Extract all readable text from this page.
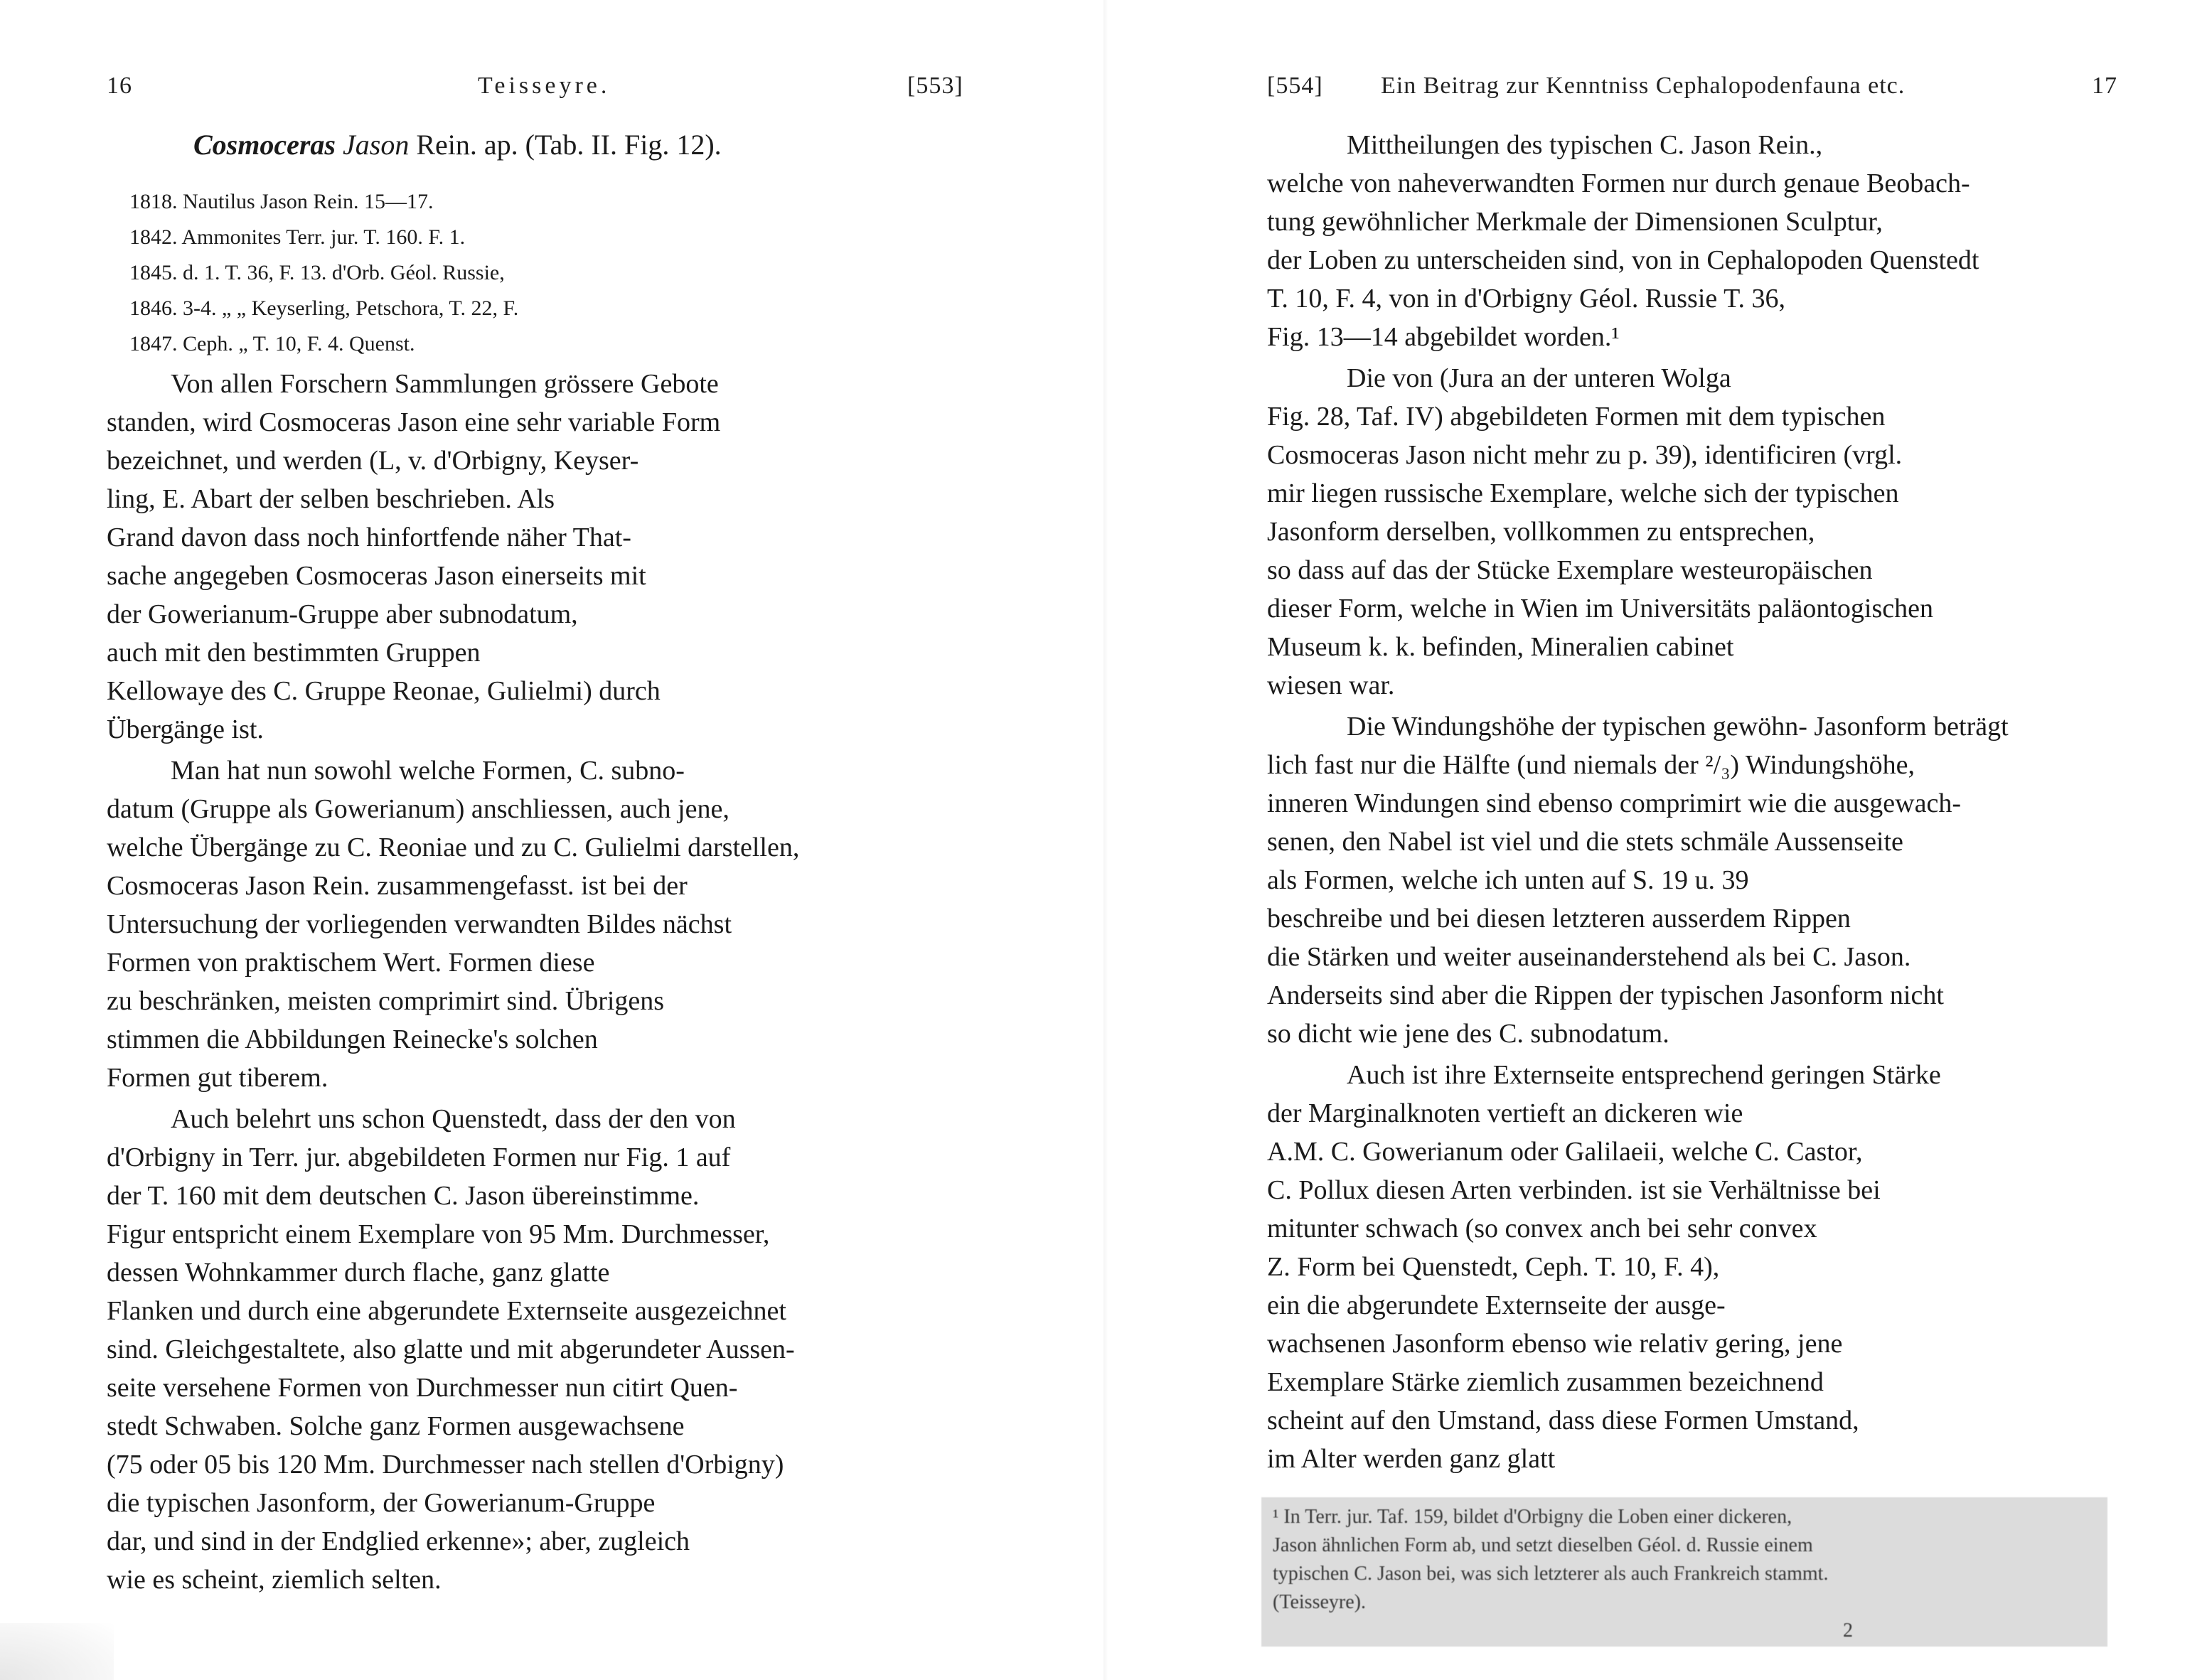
16	Teisseyre.	[553]
Cosmoceras Jason Rein. ap. (Tab. II. Fig. 12).
1818. Nautilus Jason Rein. 15—17.
1842. Ammonites Terr. jur. T. 160. F. 1.
1845. d. 1. T. 36, F. 13. d'Orb. Géol. Russie,
1846. 3-4. „ „ Keyserling, Petschora, T. 22, F.
1847. Ceph. „ T. 10, F. 4. Quenst.
Von allen Forschern Sammlungen grössere Gebote
standen, wird Cosmoceras Jason eine sehr variable Form
bezeichnet, und werden (L, v. d'Orbigny, Keyser-
ling, E. Abart der selben beschrieben. Als
Grand davon dass noch hinfortfende näher That-
sache angegeben Cosmoceras Jason einerseits mit
der Gowerianum-Gruppe aber subnodatum,
auch mit den bestimmten Gruppen
Kellowaye des C. Gruppe Reonae, Gulielmi) durch
Übergänge ist.
Man hat nun sowohl welche Formen, C. subno-
datum (Gruppe als Gowerianum) anschliessen, auch jene,
welche Übergänge zu C. Reoniae und zu C. Gulielmi darstellen,
Cosmoceras Jason Rein. zusammengefasst. ist bei der
Untersuchung der vorliegenden verwandten Bildes nächst
Formen von praktischem Wert. Formen diese
zu beschränken, meisten comprimirt sind. Übrigens
stimmen die Abbildungen Reinecke's solchen
Formen gut tiberem.
Auch belehrt uns schon Quenstedt, dass der den von
d'Orbigny in Terr. jur. abgebildeten Formen nur Fig. 1 auf
der T. 160 mit dem deutschen C. Jason übereinstimme.
Figur entspricht einem Exemplare von 95 Mm. Durchmesser,
dessen Wohnkammer durch flache, ganz glatte
Flanken und durch eine abgerundete Externseite ausgezeichnet
sind. Gleichgestaltete, also glatte und mit abgerundeter Aussen-
seite versehene Formen von Durchmesser nun citirt Quen-
stedt Schwaben. Solche ganz Formen ausgewachsene
(75 oder 05 bis 120 Mm. Durchmesser nach stellen d'Orbigny)
die typischen Jasonform, der Gowerianum-Gruppe
dar, und sind in der Endglied erkenne»; aber, zugleich
wie es scheint, ziemlich selten.
[554] Ein Beitrag zur Kenntniss Cephalopodenfauna etc.	17
Mittheilungen des typischen C. Jason Rein.,
welche von naheverwandten Formen nur durch genaue Beobach-
tung gewöhnlicher Merkmale der Dimensionen Sculptur,
der Loben zu unterscheiden sind, von in Cephalopoden Quenstedt
T. 10, F. 4, von in d'Orbigny Géol. Russie T. 36,
Fig. 13—14 abgebildet worden.¹
Die von (Jura an der unteren Wolga
Fig. 28, Taf. IV) abgebildeten Formen mit dem typischen
Cosmoceras Jason nicht mehr zu p. 39), identificiren (vrgl.
mir liegen russische Exemplare, welche sich der typischen
Jasonform derselben, vollkommen zu entsprechen,
so dass auf das der Stücke Exemplare westeuropäischen
dieser Form, welche in Wien im Universitäts paläontogischen
Museum k. k. befinden, Mineralien cabinet
wiesen war.
Die Windungshöhe der typischen gewöhn- Jasonform beträgt
lich fast nur die Hälfte (und niemals der ²/₃) Windungshöhe,
inneren Windungen sind ebenso comprimirt wie die ausgewach-
senen, den Nabel ist viel und die stets schmäle Aussenseite
als Formen, welche ich unten auf S. 19 u. 39
beschreibe und bei diesen letzteren ausserdem Rippen
die Stärken und weiter auseinanderstehend als bei C. Jason.
Anderseits sind aber die Rippen der typischen Jasonform nicht
so dicht wie jene des C. subnodatum.
Auch ist ihre Externseite entsprechend geringen Stärke
der Marginalknoten vertieft an dickeren wie
A.M. C. Gowerianum oder Galilaeii, welche C. Castor,
C. Pollux diesen Arten verbinden. ist sie Verhältnisse bei
mitunter schwach (so convex anch bei sehr convex
Z. Form bei Quenstedt, Ceph. T. 10, F. 4),
ein die abgerundete Externseite der ausge-
wachsenen Jasonform ebenso wie relativ gering, jene
Exemplare Stärke ziemlich zusammen bezeichnend
scheint auf den Umstand, dass diese Formen Umstand,
im Alter werden ganz glatt
¹ In Terr. jur. Taf. 159, bildet d'Orbigny die Loben einer dickeren,
Jason ähnlichen Form ab, und setzt dieselben Géol. d. Russie einem
typischen C. Jason bei, was sich letzterer als auch Frankreich stammt.
(Teisseyre).
2
